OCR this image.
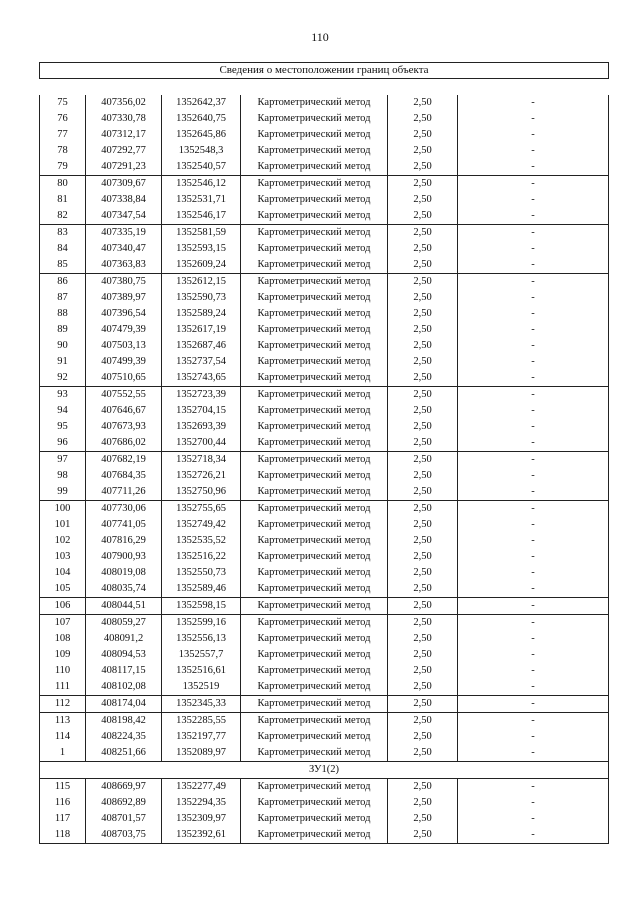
110
Сведения о местоположении границ объекта					

75	407356,02	1352642,37	Картометрический метод	2,50	-
76	407330,78	1352640,75	Картометрический метод	2,50	-
77	407312,17	1352645,86	Картометрический метод	2,50	-
78	407292,77	1352548,3	Картометрический метод	2,50	-
79	407291,23	1352540,57	Картометрический метод	2,50	-
80	407309,67	1352546,12	Картометрический метод	2,50	-
81	407338,84	1352531,71	Картометрический метод	2,50	-
82	407347,54	1352546,17	Картометрический метод	2,50	-
83	407335,19	1352581,59	Картометрический метод	2,50	-
84	407340,47	1352593,15	Картометрический метод	2,50	-
85	407363,83	1352609,24	Картометрический метод	2,50	-
86	407380,75	1352612,15	Картометрический метод	2,50	-
87	407389,97	1352590,73	Картометрический метод	2,50	-
88	407396,54	1352589,24	Картометрический метод	2,50	-
89	407479,39	1352617,19	Картометрический метод	2,50	-
90	407503,13	1352687,46	Картометрический метод	2,50	-
91	407499,39	1352737,54	Картометрический метод	2,50	-
92	407510,65	1352743,65	Картометрический метод	2,50	-
93	407552,55	1352723,39	Картометрический метод	2,50	-
94	407646,67	1352704,15	Картометрический метод	2,50	-
95	407673,93	1352693,39	Картометрический метод	2,50	-
96	407686,02	1352700,44	Картометрический метод	2,50	-
97	407682,19	1352718,34	Картометрический метод	2,50	-
98	407684,35	1352726,21	Картометрический метод	2,50	-
99	407711,26	1352750,96	Картометрический метод	2,50	-
100	407730,06	1352755,65	Картометрический метод	2,50	-
101	407741,05	1352749,42	Картометрический метод	2,50	-
102	407816,29	1352535,52	Картометрический метод	2,50	-
103	407900,93	1352516,22	Картометрический метод	2,50	-
104	408019,08	1352550,73	Картометрический метод	2,50	-
105	408035,74	1352589,46	Картометрический метод	2,50	-
106	408044,51	1352598,15	Картометрический метод	2,50	-
107	408059,27	1352599,16	Картометрический метод	2,50	-
108	408091,2	1352556,13	Картометрический метод	2,50	-
109	408094,53	1352557,7	Картометрический метод	2,50	-
110	408117,15	1352516,61	Картометрический метод	2,50	-
111	408102,08	1352519	Картометрический метод	2,50	-
112	408174,04	1352345,33	Картометрический метод	2,50	-
113	408198,42	1352285,55	Картометрический метод	2,50	-
114	408224,35	1352197,77	Картометрический метод	2,50	-
1	408251,66	1352089,97	Картометрический метод	2,50	-
ЗУ1(2)					
115	408669,97	1352277,49	Картометрический метод	2,50	-
116	408692,89	1352294,35	Картометрический метод	2,50	-
117	408701,57	1352309,97	Картометрический метод	2,50	-
118	408703,75	1352392,61	Картометрический метод	2,50	-
